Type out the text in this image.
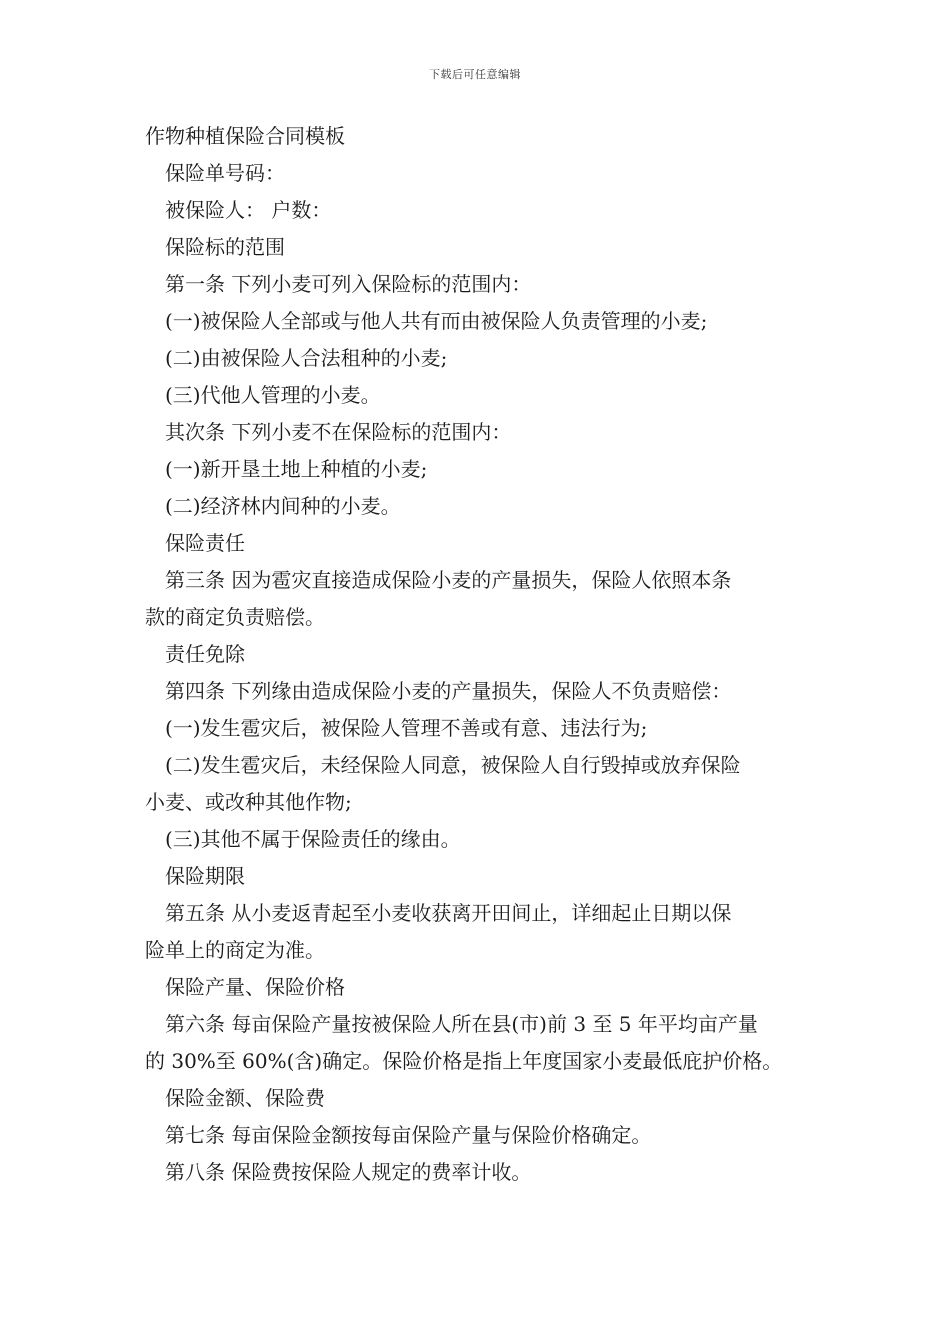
下载后可任意编辑
作物种植保险合同模板
保险单号码：
被保险人： 户数：
保险标的范围
第一条 下列小麦可列入保险标的范围内：
(一)被保险人全部或与他人共有而由被保险人负责管理的小麦;
(二)由被保险人合法租种的小麦;
(三)代他人管理的小麦。
其次条 下列小麦不在保险标的范围内：
(一)新开垦土地上种植的小麦;
(二)经济林内间种的小麦。
保险责任
第三条 因为雹灾直接造成保险小麦的产量损失，保险人依照本条
款的商定负责赔偿。
责任免除
第四条 下列缘由造成保险小麦的产量损失，保险人不负责赔偿：
(一)发生雹灾后，被保险人管理不善或有意、违法行为;
(二)发生雹灾后，未经保险人同意，被保险人自行毁掉或放弃保险
小麦、或改种其他作物;
(三)其他不属于保险责任的缘由。
保险期限
第五条 从小麦返青起至小麦收获离开田间止，详细起止日期以保
险单上的商定为准。
保险产量、保险价格
第六条 每亩保险产量按被保险人所在县(市)前 3 至 5 年平均亩产量
的 30%至 60%(含)确定。保险价格是指上年度国家小麦最低庇护价格。
保险金额、保险费
第七条 每亩保险金额按每亩保险产量与保险价格确定。
第八条 保险费按保险人规定的费率计收。
